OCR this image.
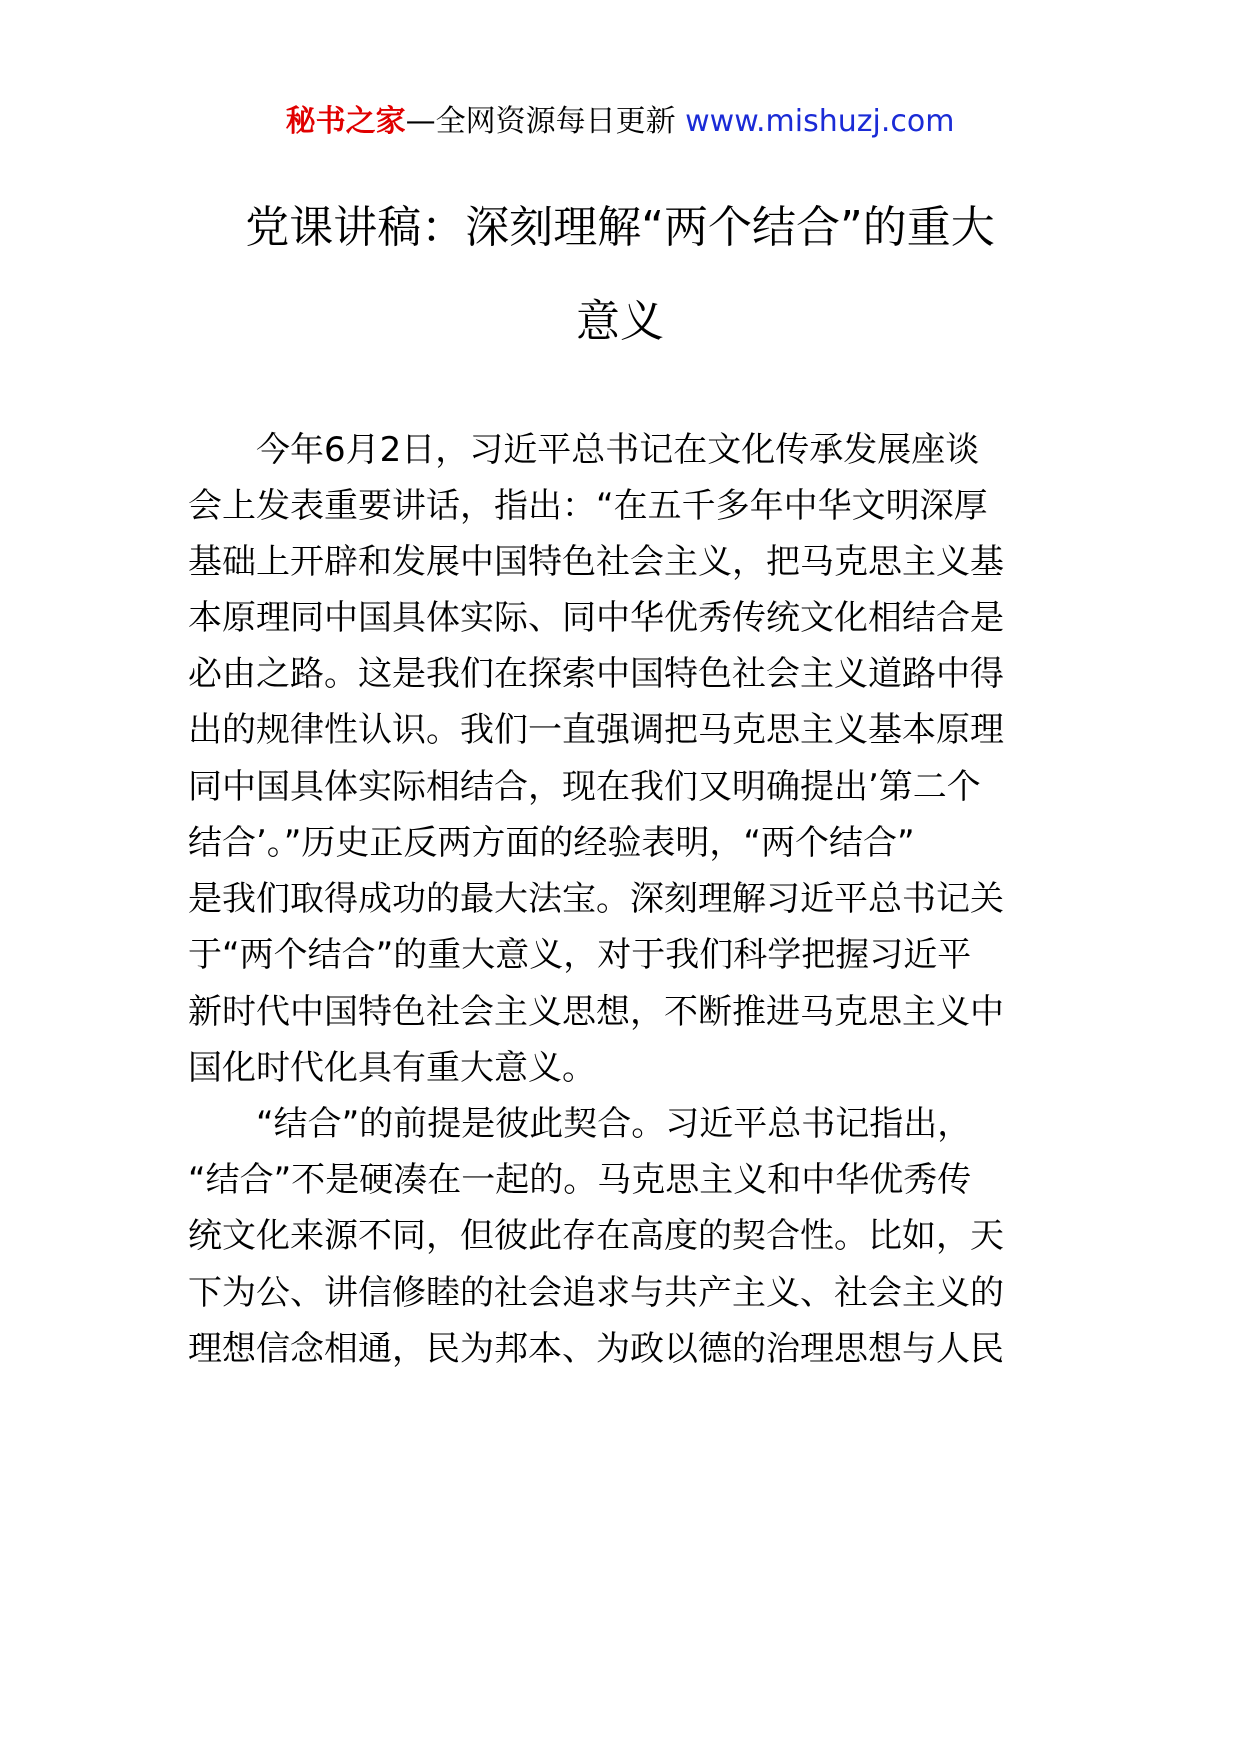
秘书之家—全网资源每日更新 www.mishuzj.com
党课讲稿：深刻理解“两个结合”的重大
意义
今年6月2日，习近平总书记在文化传承发展座谈
会上发表重要讲话，指出：“在五千多年中华文明深厚
基础上开辟和发展中国特色社会主义，把马克思主义基
本原理同中国具体实际、同中华优秀传统文化相结合是
必由之路。这是我们在探索中国特色社会主义道路中得
出的规律性认识。我们一直强调把马克思主义基本原理
同中国具体实际相结合，现在我们又明确提出’第二个
结合’。”历史正反两方面的经验表明，“两个结合”
是我们取得成功的最大法宝。深刻理解习近平总书记关
于“两个结合”的重大意义，对于我们科学把握习近平
新时代中国特色社会主义思想，不断推进马克思主义中
国化时代化具有重大意义。
“结合”的前提是彼此契合。习近平总书记指出，
“结合”不是硬凑在一起的。马克思主义和中华优秀传
统文化来源不同，但彼此存在高度的契合性。比如，天
下为公、讲信修睦的社会追求与共产主义、社会主义的
理想信念相通，民为邦本、为政以德的治理思想与人民
